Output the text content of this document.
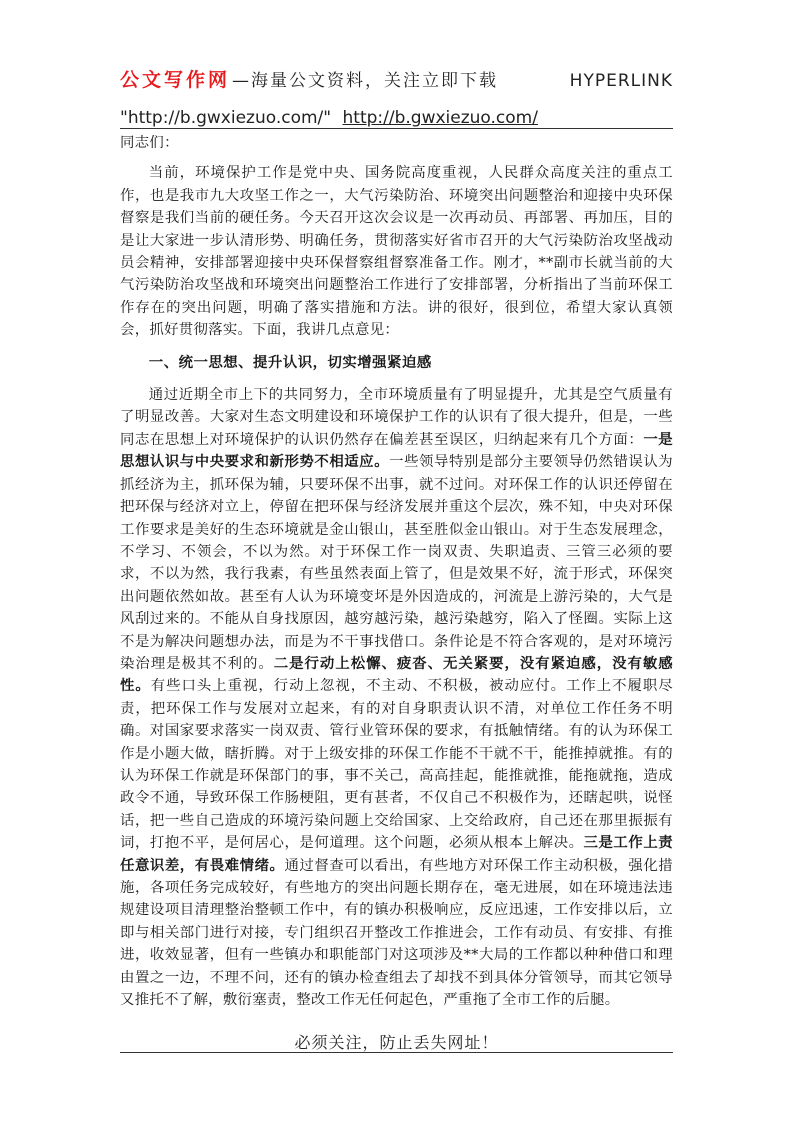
公文写作网 —海量公文资料，关注立即下载	HYPERLINK
"http://b.gwxiezuo.com/" http://b.gwxiezuo.com/

同志们：

当前，环境保护工作是党中央、国务院高度重视，人民群众高度关注的重点工作，也是我市九大攻坚工作之一，大气污染防治、环境突出问题整治和迎接中央环保督察是我们当前的硬任务。今天召开这次会议是一次再动员、再部署、再加压，目的是让大家进一步认清形势、明确任务，贯彻落实好省市召开的大气污染防治攻坚战动员会精神，安排部署迎接中央环保督察组督察准备工作。刚才，**副市长就当前的大气污染防治攻坚战和环境突出问题整治工作进行了安排部署，分析指出了当前环保工作存在的突出问题，明确了落实措施和方法。讲的很好，很到位，希望大家认真领会，抓好贯彻落实。下面，我讲几点意见：

一、统一思想、提升认识，切实增强紧迫感

通过近期全市上下的共同努力，全市环境质量有了明显提升，尤其是空气质量有了明显改善。大家对生态文明建设和环境保护工作的认识有了很大提升，但是，一些同志在思想上对环境保护的认识仍然存在偏差甚至误区，归纳起来有几个方面：一是思想认识与中央要求和新形势不相适应。一些领导特别是部分主要领导仍然错误认为抓经济为主，抓环保为辅，只要环保不出事，就不过问。对环保工作的认识还停留在把环保与经济对立上，停留在把环保与经济发展并重这个层次，殊不知，中央对环保工作要求是美好的生态环境就是金山银山，甚至胜似金山银山。对于生态发展理念，不学习、不领会，不以为然。对于环保工作一岗双责、失职追责、三管三必须的要求，不以为然，我行我素，有些虽然表面上管了，但是效果不好，流于形式，环保突出问题依然如故。甚至有人认为环境变坏是外因造成的，河流是上游污染的，大气是风刮过来的。不能从自身找原因，越穷越污染，越污染越穷，陷入了怪圈。实际上这不是为解决问题想办法，而是为不干事找借口。条件论是不符合客观的，是对环境污染治理是极其不利的。二是行动上松懈、疲沓、无关紧要，没有紧迫感，没有敏感性。有些口头上重视，行动上忽视，不主动、不积极，被动应付。工作上不履职尽责，把环保工作与发展对立起来，有的对自身职责认识不清，对单位工作任务不明确。对国家要求落实一岗双责、管行业管环保的要求，有抵触情绪。有的认为环保工作是小题大做，瞎折腾。对于上级安排的环保工作能不干就不干，能推掉就推。有的认为环保工作就是环保部门的事，事不关己，高高挂起，能推就推，能拖就拖，造成政令不通，导致环保工作肠梗阻，更有甚者，不仅自己不积极作为，还瞎起哄，说怪话，把一些自己造成的环境污染问题上交给国家、上交给政府，自己还在那里振振有词，打抱不平，是何居心，是何道理。这个问题，必须从根本上解决。三是工作上责任意识差，有畏难情绪。通过督查可以看出，有些地方对环保工作主动积极，强化措施，各项任务完成较好，有些地方的突出问题长期存在，毫无进展，如在环境违法违规建设项目清理整治整顿工作中，有的镇办积极响应，反应迅速，工作安排以后，立即与相关部门进行对接，专门组织召开整改工作推进会，工作有动员、有安排、有推进，收效显著，但有一些镇办和职能部门对这项涉及**大局的工作都以种种借口和理由置之一边，不理不问，还有的镇办检查组去了却找不到具体分管领导，而其它领导又推托不了解，敷衍塞责，整改工作无任何起色，严重拖了全市工作的后腿。

必须关注，防止丢失网址！
